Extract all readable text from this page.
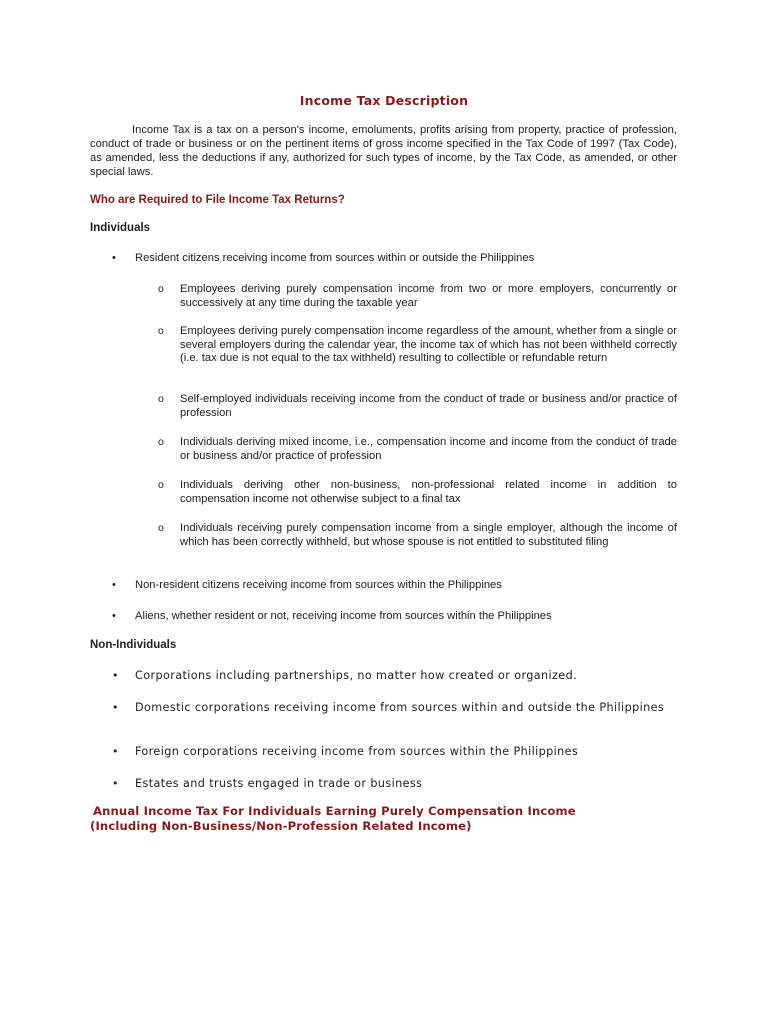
Income Tax Description
Income Tax is a tax on a person's income, emoluments, profits arising from property, practice of profession, conduct of trade or business or on the pertinent items of gross income specified in the Tax Code of 1997 (Tax Code), as amended, less the deductions if any, authorized for such types of income, by the Tax Code, as amended, or other special laws.
Who are Required to File Income Tax Returns?
Individuals
• Resident citizens receiving income from sources within or outside the Philippines
o Employees deriving purely compensation income from two or more employers, concurrently or successively at any time during the taxable year
o Employees deriving purely compensation income regardless of the amount, whether from a single or several employers during the calendar year, the income tax of which has not been withheld correctly (i.e. tax due is not equal to the tax withheld) resulting to collectible or refundable return
o Self-employed individuals receiving income from the conduct of trade or business and/or practice of profession
o Individuals deriving mixed income, i.e., compensation income and income from the conduct of trade or business and/or practice of profession
o Individuals deriving other non-business, non-professional related income in addition to compensation income not otherwise subject to a final tax
o Individuals receiving purely compensation income from a single employer, although the income of which has been correctly withheld, but whose spouse is not entitled to substituted filing
• Non-resident citizens receiving income from sources within the Philippines
• Aliens, whether resident or not, receiving income from sources within the Philippines
Non-Individuals
• Corporations including partnerships, no matter how created or organized.
• Domestic corporations receiving income from sources within and outside the Philippines
• Foreign corporations receiving income from sources within the Philippines
• Estates and trusts engaged in trade or business
Annual Income Tax For Individuals Earning Purely Compensation Income
(Including Non-Business/Non-Profession Related Income)
